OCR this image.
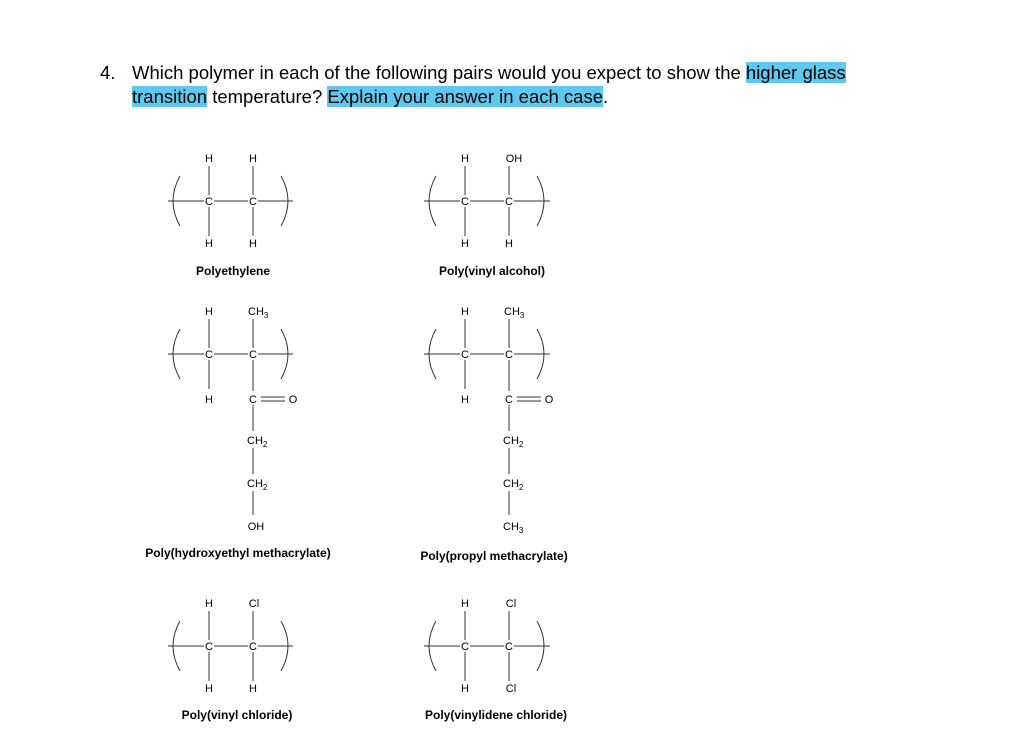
4. Which polymer in each of the following pairs would you expect to show the higher glass
transition temperature? Explain your answer in each case.
H	H
C	C
H	H
Polyethylene
H	OH
C	C
H	H
Poly(vinyl alcohol)
H	$CH_3$
C	C
H	C	O
$CH_2$
$CH_2$
OH
Poly(hydroxyethyl methacrylate)
H	$CH_3$
C	C
H	C	O
$CH_2$
$CH_2$
$CH_3$
Poly(propyl methacrylate)
H	Cl
C	C
H	H
Poly(vinyl chloride)
H	Cl
C	C
H	Cl
Poly(vinylidene chloride)
